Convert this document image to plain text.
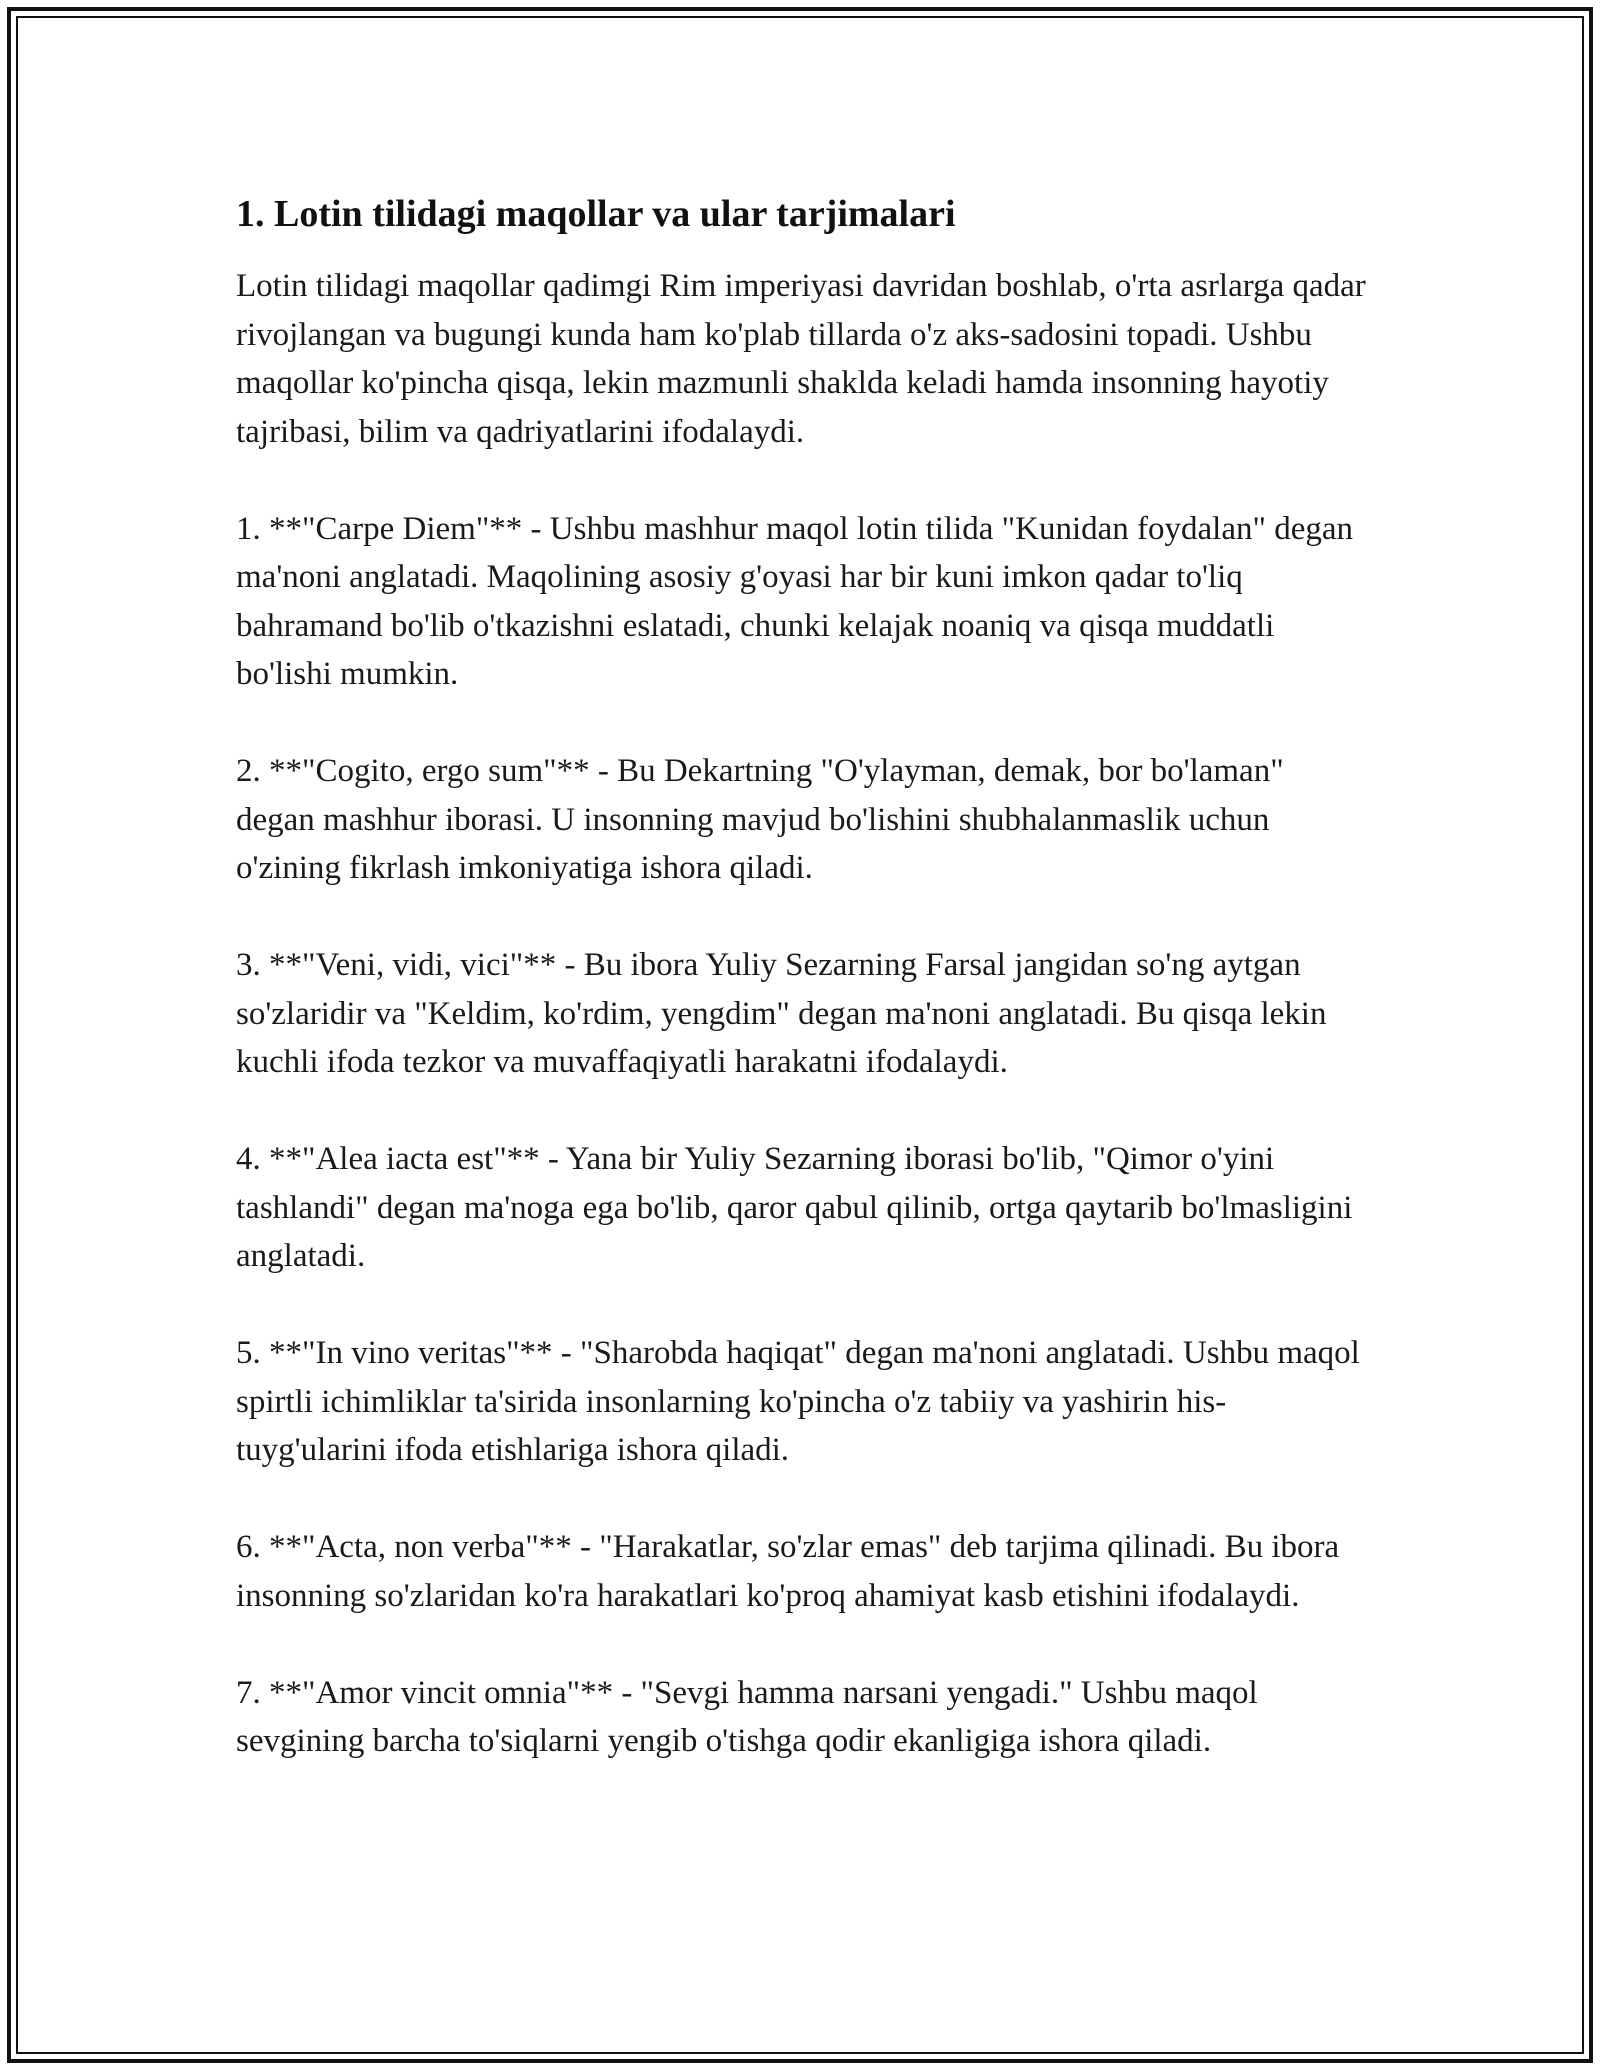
1. Lotin tilidagi maqollar va ular tarjimalari

Lotin tilidagi maqollar qadimgi Rim imperiyasi davridan boshlab, o'rta asrlarga qadar rivojlangan va bugungi kunda ham ko'plab tillarda o'z aks-sadosini topadi. Ushbu maqollar ko'pincha qisqa, lekin mazmunli shaklda keladi hamda insonning hayotiy tajribasi, bilim va qadriyatlarini ifodalaydi.

1. **"Carpe Diem"** - Ushbu mashhur maqol lotin tilida "Kunidan foydalan" degan ma'noni anglatadi. Maqolining asosiy g'oyasi har bir kuni imkon qadar to'liq bahramand bo'lib o'tkazishni eslatadi, chunki kelajak noaniq va qisqa muddatli bo'lishi mumkin.

2. **"Cogito, ergo sum"** - Bu Dekartning "O'ylayman, demak, bor bo'laman" degan mashhur iborasi. U insonning mavjud bo'lishini shubhalanmaslik uchun o'zining fikrlash imkoniyatiga ishora qiladi.

3. **"Veni, vidi, vici"** - Bu ibora Yuliy Sezarning Farsal jangidan so'ng aytgan so'zlaridir va "Keldim, ko'rdim, yengdim" degan ma'noni anglatadi. Bu qisqa lekin kuchli ifoda tezkor va muvaffaqiyatli harakatni ifodalaydi.

4. **"Alea iacta est"** - Yana bir Yuliy Sezarning iborasi bo'lib, "Qimor o'yini tashlandi" degan ma'noga ega bo'lib, qaror qabul qilinib, ortga qaytarib bo'lmasligini anglatadi.

5. **"In vino veritas"** - "Sharobda haqiqat" degan ma'noni anglatadi. Ushbu maqol spirtli ichimliklar ta'sirida insonlarning ko'pincha o'z tabiiy va yashirin his-tuyg'ularini ifoda etishlariga ishora qiladi.

6. **"Acta, non verba"** - "Harakatlar, so'zlar emas" deb tarjima qilinadi. Bu ibora insonning so'zlaridan ko'ra harakatlari ko'proq ahamiyat kasb etishini ifodalaydi.

7. **"Amor vincit omnia"** - "Sevgi hamma narsani yengadi." Ushbu maqol sevgining barcha to'siqlarni yengib o'tishga qodir ekanligiga ishora qiladi.
